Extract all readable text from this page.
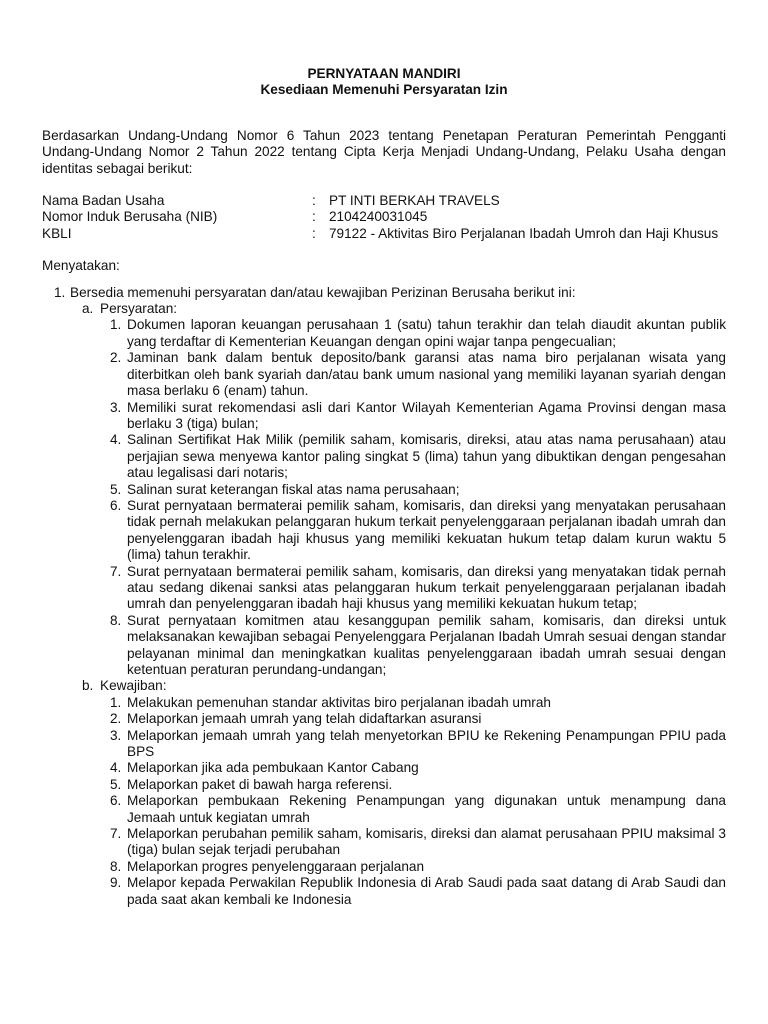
PERNYATAAN MANDIRI

Kesediaan Memenuhi Persyaratan Izin

Berdasarkan Undang-Undang Nomor 6 Tahun 2023 tentang Penetapan Peraturan Pemerintah Pengganti Undang-Undang Nomor 2 Tahun 2022 tentang Cipta Kerja Menjadi Undang-Undang, Pelaku Usaha dengan identitas sebagai berikut:

Nama Badan Usaha	:	PT INTI BERKAH TRAVELS
Nomor Induk Berusaha (NIB)	:	2104240031045
KBLI	:	79122 - Aktivitas Biro Perjalanan Ibadah Umroh dan Haji Khusus

Menyatakan:

1. Bersedia memenuhi persyaratan dan/atau kewajiban Perizinan Berusaha berikut ini:
a. Persyaratan:
1. Dokumen laporan keuangan perusahaan 1 (satu) tahun terakhir dan telah diaudit akuntan publik yang terdaftar di Kementerian Keuangan dengan opini wajar tanpa pengecualian;
2. Jaminan bank dalam bentuk deposito/bank garansi atas nama biro perjalanan wisata yang diterbitkan oleh bank syariah dan/atau bank umum nasional yang memiliki layanan syariah dengan masa berlaku 6 (enam) tahun.
3. Memiliki surat rekomendasi asli dari Kantor Wilayah Kementerian Agama Provinsi dengan masa berlaku 3 (tiga) bulan;
4. Salinan Sertifikat Hak Milik (pemilik saham, komisaris, direksi, atau atas nama perusahaan) atau perjajian sewa menyewa kantor paling singkat 5 (lima) tahun yang dibuktikan dengan pengesahan atau legalisasi dari notaris;
5. Salinan surat keterangan fiskal atas nama perusahaan;
6. Surat pernyataan bermaterai pemilik saham, komisaris, dan direksi yang menyatakan perusahaan tidak pernah melakukan pelanggaran hukum terkait penyelenggaraan perjalanan ibadah umrah dan penyelenggaran ibadah haji khusus yang memiliki kekuatan hukum tetap dalam kurun waktu 5 (lima) tahun terakhir.
7. Surat pernyataan bermaterai pemilik saham, komisaris, dan direksi yang menyatakan tidak pernah atau sedang dikenai sanksi atas pelanggaran hukum terkait penyelenggaraan perjalanan ibadah umrah dan penyelenggaran ibadah haji khusus yang memiliki kekuatan hukum tetap;
8. Surat pernyataan komitmen atau kesanggupan pemilik saham, komisaris, dan direksi untuk melaksanakan kewajiban sebagai Penyelenggara Perjalanan Ibadah Umrah sesuai dengan standar pelayanan minimal dan meningkatkan kualitas penyelenggaraan ibadah umrah sesuai dengan ketentuan peraturan perundang-undangan;
b. Kewajiban:
1. Melakukan pemenuhan standar aktivitas biro perjalanan ibadah umrah
2. Melaporkan jemaah umrah yang telah didaftarkan asuransi
3. Melaporkan jemaah umrah yang telah menyetorkan BPIU ke Rekening Penampungan PPIU pada BPS
4. Melaporkan jika ada pembukaan Kantor Cabang
5. Melaporkan paket di bawah harga referensi.
6. Melaporkan pembukaan Rekening Penampungan yang digunakan untuk menampung dana Jemaah untuk kegiatan umrah
7. Melaporkan perubahan pemilik saham, komisaris, direksi dan alamat perusahaan PPIU maksimal 3 (tiga) bulan sejak terjadi perubahan
8. Melaporkan progres penyelenggaraan perjalanan
9. Melapor kepada Perwakilan Republik Indonesia di Arab Saudi pada saat datang di Arab Saudi dan pada saat akan kembali ke Indonesia
